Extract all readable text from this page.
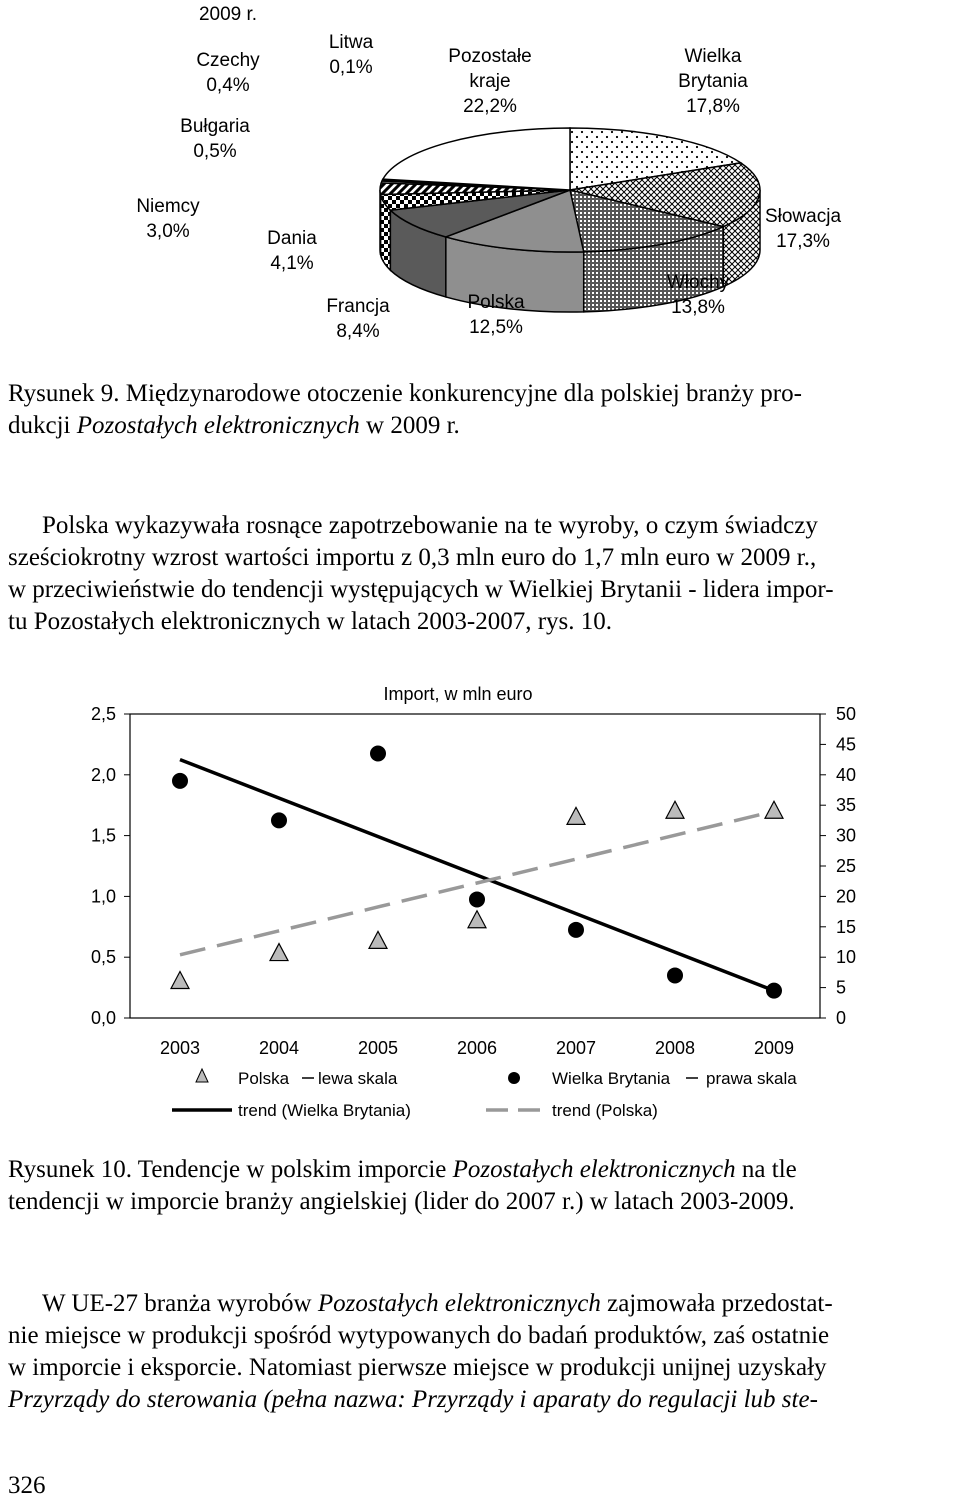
2009 r.
Czechy
0,4%
Litwa
0,1%
Pozostałe
kraje
22,2%
Wielka
Brytania
17,8%
Bułgaria
0,5%
Niemcy
3,0%	Dania
4,1%
Słowacja
17,3%
Francja
8,4%
Polska
12,5%
Włochy
13,8%
Rysunek 9. Międzynarodowe otoczenie konkurencyjne dla polskiej branży pro-
dukcji Pozostałych elektronicznych w 2009 r.
Polska wykazywała rosnące zapotrzebowanie na te wyroby, o czym świadczy
sześciokrotny wzrost wartości importu z 0,3 mln euro do 1,7 mln euro w 2009 r.,
w przeciwieństwie do tendencji występujących w Wielkiej Brytanii - lidera impor-
tu Pozostałych elektronicznych w latach 2003-2007, rys. 10.
Import, w mln euro
0,0
0,5
1,0
1,5
2,0
2,5
0
5
10
15
20
25
30
35
40
45
50
2003	2004	2005	2006	2007	2008	2009
Polska lewa skala	Wielka Brytania prawa skala
trend (Wielka Brytania)	trend (Polska)
Rysunek 10. Tendencje w polskim imporcie Pozostałych elektronicznych na tle
tendencji w imporcie branży angielskiej (lider do 2007 r.) w latach 2003-2009.
W UE-27 branża wyrobów Pozostałych elektronicznych zajmowała przedostat-
nie miejsce w produkcji spośród wytypowanych do badań produktów, zaś ostatnie
w imporcie i eksporcie. Natomiast pierwsze miejsce w produkcji unijnej uzyskały
Przyrządy do sterowania (pełna nazwa: Przyrządy i aparaty do regulacji lub ste-
326
